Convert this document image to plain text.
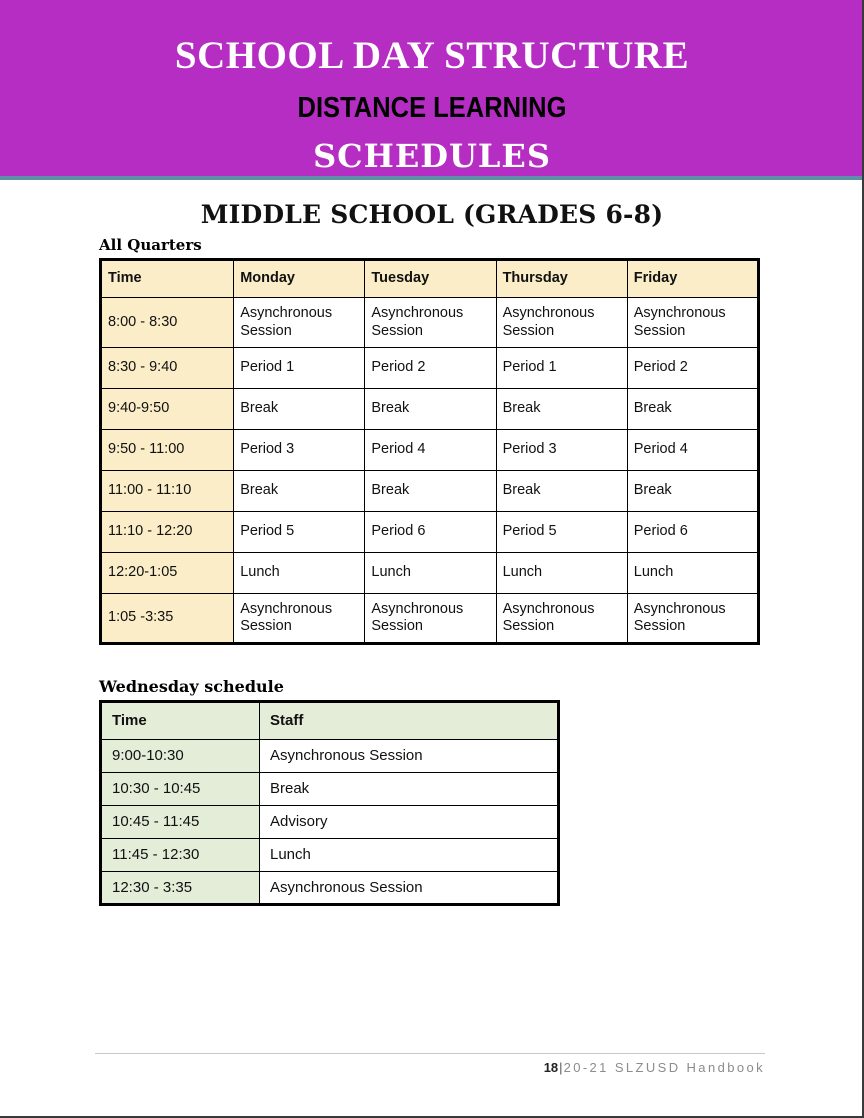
SCHOOL DAY STRUCTURE
DISTANCE LEARNING
SCHEDULES
MIDDLE SCHOOL (GRADES 6-8)
All Quarters
Time	Monday	Tuesday	Thursday	Friday
8:00 - 8:30	Asynchronous Session	Asynchronous Session	Asynchronous Session	Asynchronous Session
8:30 - 9:40	Period 1	Period 2	Period 1	Period 2
9:40-9:50	Break	Break	Break	Break
9:50 - 11:00	Period 3	Period 4	Period 3	Period 4
11:00 - 11:10	Break	Break	Break	Break
11:10 - 12:20	Period 5	Period 6	Period 5	Period 6
12:20-1:05	Lunch	Lunch	Lunch	Lunch
1:05 -3:35	Asynchronous Session	Asynchronous Session	Asynchronous Session	Asynchronous Session
Wednesday schedule
Time	Staff
9:00-10:30	Asynchronous Session
10:30 - 10:45	Break
10:45 - 11:45	Advisory
11:45 - 12:30	Lunch
12:30 - 3:35	Asynchronous Session
18|20-21 SLZUSD Handbook
